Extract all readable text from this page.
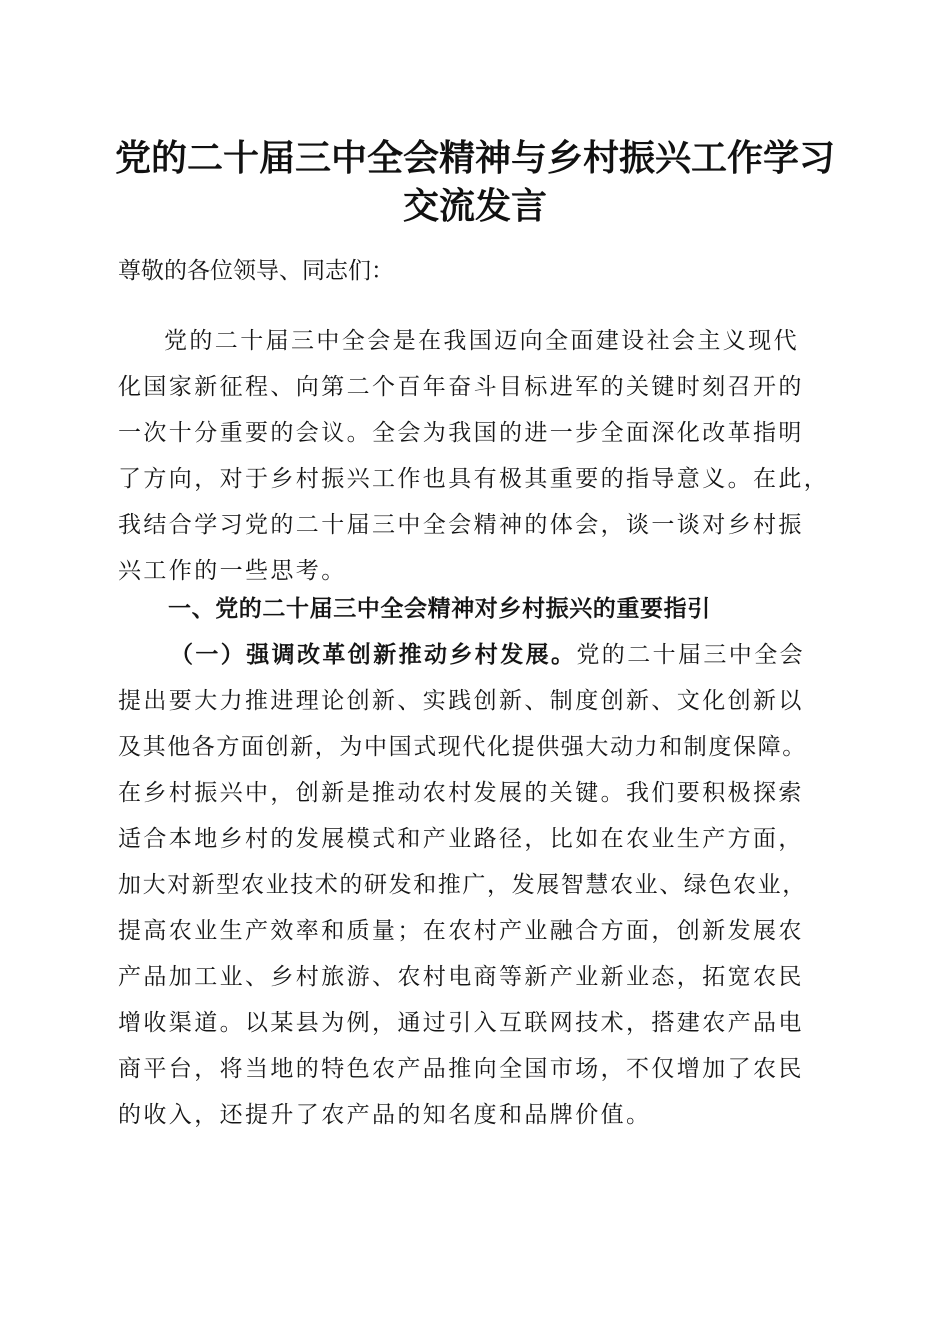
党的二十届三中全会精神与乡村振兴工作学习
交流发言

尊敬的各位领导、同志们：

党的二十届三中全会是在我国迈向全面建设社会主义现代
化国家新征程、向第二个百年奋斗目标进军的关键时刻召开的
一次十分重要的会议。全会为我国的进一步全面深化改革指明
了方向，对于乡村振兴工作也具有极其重要的指导意义。在此，
我结合学习党的二十届三中全会精神的体会，谈一谈对乡村振
兴工作的一些思考。

一、党的二十届三中全会精神对乡村振兴的重要指引

（一）强调改革创新推动乡村发展。党的二十届三中全会
提出要大力推进理论创新、实践创新、制度创新、文化创新以
及其他各方面创新，为中国式现代化提供强大动力和制度保障。
在乡村振兴中，创新是推动农村发展的关键。我们要积极探索
适合本地乡村的发展模式和产业路径，比如在农业生产方面，
加大对新型农业技术的研发和推广，发展智慧农业、绿色农业，
提高农业生产效率和质量；在农村产业融合方面，创新发展农
产品加工业、乡村旅游、农村电商等新产业新业态，拓宽农民
增收渠道。以某县为例，通过引入互联网技术，搭建农产品电
商平台，将当地的特色农产品推向全国市场，不仅增加了农民
的收入，还提升了农产品的知名度和品牌价值。
